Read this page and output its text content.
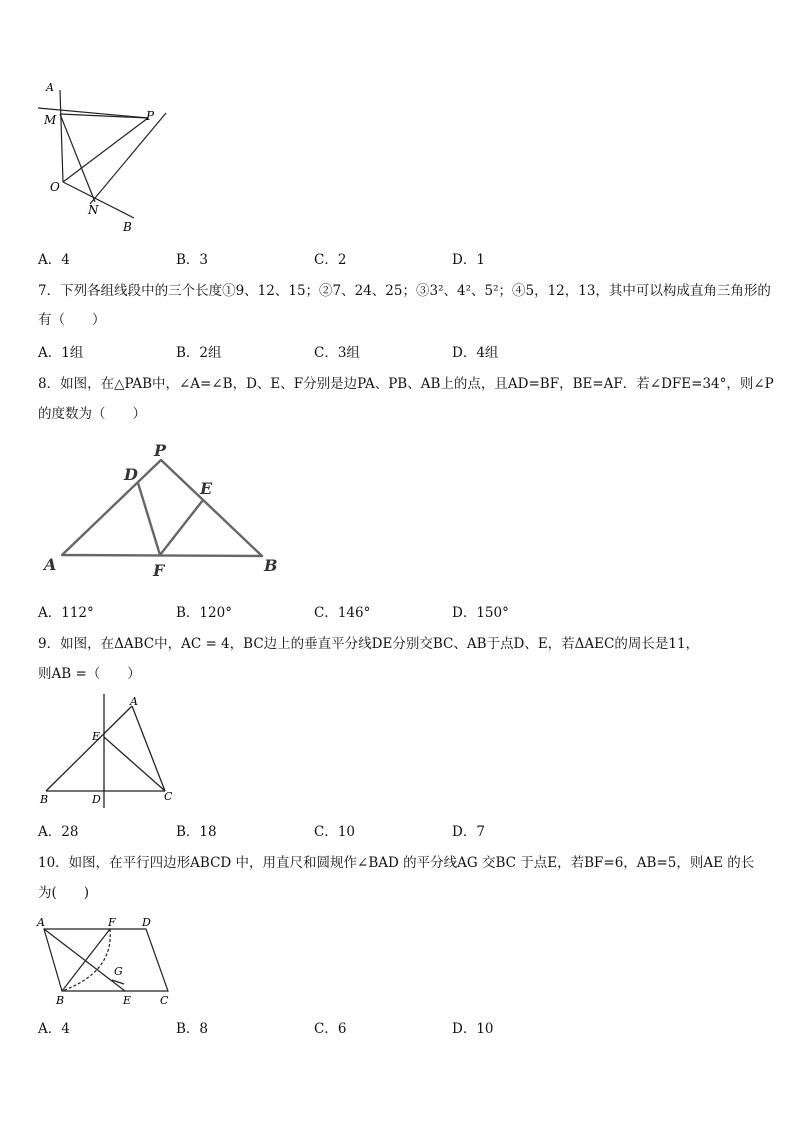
A
M	P
O
N
B
A．4	B．3	C．2	D．1
7．下列各组线段中的三个长度①9、12、15；②7、24、25；③3²、4²、5²；④5，12，13，其中可以构成直角三角形的
有（　　）
A．1组	B．2组	C．3组	D．4组
8．如图，在△PAB中，∠A=∠B，D、E、F分别是边PA、PB、AB上的点，且AD=BF，BE=AF．若∠DFE=34°，则∠P
的度数为（　　）
P
D
E
A	F	B
A．112°	B．120°	C．146°	D．150°
9．如图，在ΔABC中，AC = 4，BC边上的垂直平分线DE分别交BC、AB于点D、E，若ΔAEC的周长是11，
则AB =（　　）
A
E
B	D	C
A．28	B．18	C．10	D．7
10．如图，在平行四边形ABCD 中，用直尺和圆规作∠BAD 的平分线AG 交BC 于点E，若BF=6，AB=5，则AE 的长
为(　　)
A	F D
G
B	E	C
A．4	B．8	C．6	D．10
